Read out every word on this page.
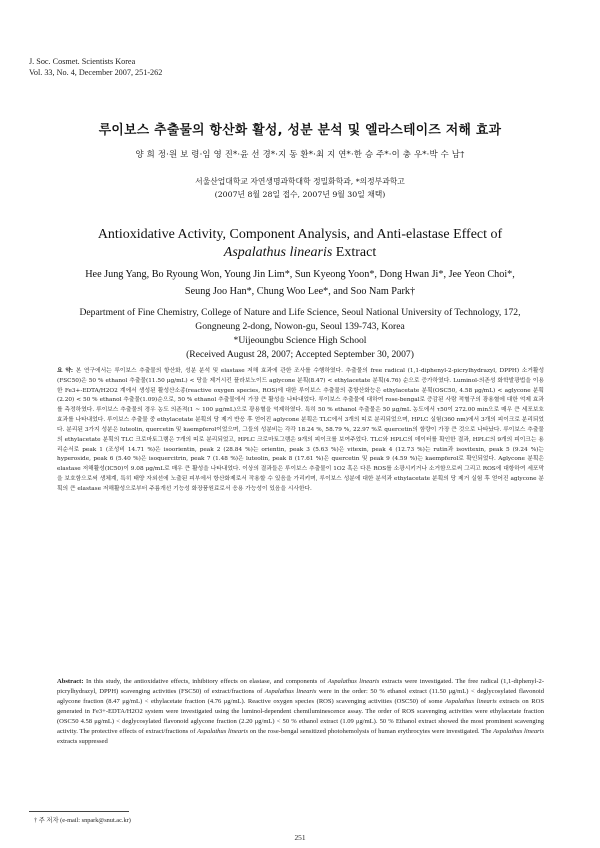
J. Soc. Cosmet. Scientists Korea
Vol. 33, No. 4, December 2007, 251-262
루이보스 추출물의 항산화 활성, 성분 분석 및 엘라스테이즈 저해 효과
양 희 정·원 보 령·임 영 진*·윤 선 경*·지 동 환*·최 지 연*·한 승 주*·이 충 우*·박 수 남†
서울산업대학교 자연생명과학대학 정밀화학과, *의정부과학고
(2007년 8월 28일 접수, 2007년 9월 30일 채택)
Antioxidative Activity, Component Analysis, and Anti-elastase Effect of
Aspalathus linearis Extract
Hee Jung Yang, Bo Ryoung Won, Young Jin Lim*, Sun Kyeong Yoon*, Dong Hwan Ji*, Jee Yeon Choi*,
Seung Joo Han*, Chung Woo Lee*, and Soo Nam Park†
Department of Fine Chemistry, College of Nature and Life Science, Seoul National University of Technology, 172,
Gongneung 2-dong, Nowon-gu, Seoul 139-743, Korea
*Uijeoungbu Science High School
(Received August 28, 2007; Accepted September 30, 2007)
요 약: 본 연구에서는 루이보스 추출물의 항산화, 성분 분석 및 elastase 저해 효과에 관한 조사를 수행하였다. 추출물의 free radical (1,1-diphenyl-2-picrylhydrazyl, DPPH) 소거활성(FSC50)은 50 % ethanol 추출물(11.50 μg/mL) < 당을 제거시킨 플라보노이드 aglycone 분획(8.47) < ethylacetate 분획(4.76) 순으로 증가하였다. Luminol-의존성 화학발광법을 이용한 Fe3+-EDTA/H2O2 계에서 생성된 활성산소종(reactive oxygen species, ROS)에 대한 루이보스 추출물의 총항산화능은 ethylacetate 분획(OSC50, 4.58 μg/mL) < aglycone 분획(2.20) < 50 % ethanol 추출물(1.09)순으로, 50 % ethanol 추출물에서 가장 큰 활성을 나타내었다. 루이보스 추출물에 대하여 rose-bengal로 증감된 사람 적혈구의 광용혈에 대한 억제 효과를 측정하였다. 루이보스 추출물의 경우 농도 의존적(1 ~ 100 μg/mL)으로 광용혈을 억제하였다. 특히 50 % ethanol 추출물은 50 μg/mL 농도에서 τ50이 272.00 min으로 매우 큰 세포보호 효과를 나타내었다. 루이보스 추출물 중 ethylacetate 분획의 당 제거 반응 후 얻어진 aglycone 분획은 TLC에서 3개의 띠로 분리되었으며, HPLC 실험(360 nm)에서 3개의 피이크로 분리되었다. 분리된 3가지 성분은 luteolin, quercetin 및 kaempferol이었으며, 그들의 성분비는 각각 18.24 %, 58.79 %, 22.97 %로 quercetin의 함량이 가장 큰 것으로 나타났다. 루이보스 추출물의 ethylacetate 분획의 TLC 크로마토그램은 7개의 띠로 분리되었고, HPLC 크로마토그램은 9개의 피이크를 보여주었다. TLC와 HPLC의 데이터를 확인한 결과, HPLC의 9개의 피이크는 용리순서로 peak 1 (조성비 14.71 %)은 isoorientin, peak 2 (28.84 %)는 orientin, peak 3 (5.63 %)은 vitexin, peak 4 (12.73 %)는 rutin과 isovitexin, peak 5 (9.24 %)는 hyperoside, peak 6 (5.40 %)은 isoquercitrin, peak 7 (1.48 %)은 luteolin, peak 8 (17.61 %)은 quercetin 및 peak 9 (4.59 %)는 kaempferol로 확인되었다. Aglycone 분획은 elastase 저해활성(IC50)이 9.08 μg/mL로 매우 큰 활성을 나타내었다. 이상의 결과들은 루이보스 추출물이 1O2 혹은 다른 ROS를 소광시키거나 소거함으로써 그리고 ROS에 대항하여 세포막을 보호함으로써 생체계, 특히 태양 자외선에 노출된 피부에서 항산화제로서 작용할 수 있음을 가리키며, 루이보스 성분에 대한 분석과 ethylacetate 분획의 당 제거 실험 후 얻어진 aglycone 분획의 큰 elastase 저해활성으로부터 주름개선 기능성 화장품원료로서 응용 가능성이 있음을 시사한다.
Abstract: In this study, the antioxidative effects, inhibitory effects on elastase, and components of Aspalathus linearis extracts were investigated. The free radical (1,1-diphenyl-2-picrylhydrazyl, DPPH) scavenging activities (FSC50) of extract/fractions of Aspalathus linearis were in the order: 50 % ethanol extract (11.50 μg/mL) < deglycosylated flavonoid aglycone fraction (8.47 μg/mL) < ethylacetate fraction (4.76 μg/mL). Reactive oxygen species (ROS) scavenging activities (OSC50) of some Aspalathus linearis extracts on ROS generated in Fe3+-EDTA/H2O2 system were investigated using the luminol-dependent chemiluminescence assay. The order of ROS scavenging activities were ethylacetate fraction (OSC50 4.58 μg/mL) < deglycosylated flavonoid aglycone fraction (2.20 μg/mL) < 50 % ethanol extract (1.09 μg/mL). 50 % Ethanol extract showed the most prominent scavenging activity. The protective effects of extract/fractions of Aspalathus linearis on the rose-bengal sensitized photohemolysis of human erythrocytes were investigated. The Aspalathus linearis extracts suppressed
† 주 저자 (e-mail: snpark@snut.ac.kr)
251
